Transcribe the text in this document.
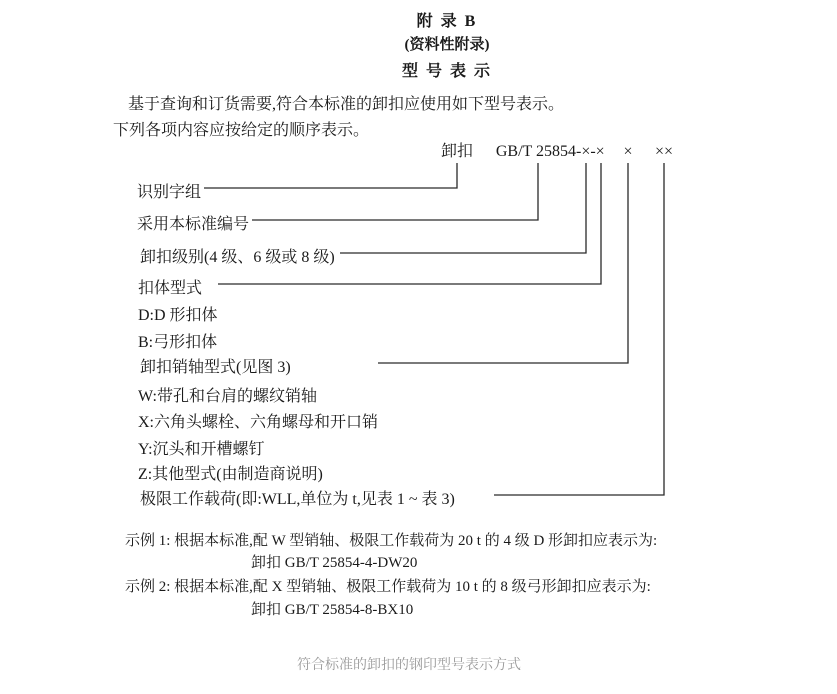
附 录 B
(资料性附录)
型 号 表 示
基于查询和订货需要,符合本标准的卸扣应使用如下型号表示。
下列各项内容应按给定的顺序表示。
卸扣 GB/T 25854 -×-× × ××
识别字组
采用本标准编号
卸扣级别(4 级、6 级或 8 级)
扣体型式
D:D 形扣体
B:弓形扣体
卸扣销轴型式(见图 3)
W:带孔和台肩的螺纹销轴
X:六角头螺栓、六角螺母和开口销
Y:沉头和开槽螺钉
Z:其他型式(由制造商说明)
极限工作载荷(即:WLL,单位为 t,见表 1 ~ 表 3)
示例 1: 根据本标准,配 W 型销轴、极限工作载荷为 20 t 的 4 级 D 形卸扣应表示为:
卸扣 GB/T 25854-4-DW20
示例 2: 根据本标准,配 X 型销轴、极限工作载荷为 10 t 的 8 级弓形卸扣应表示为:
卸扣 GB/T 25854-8-BX10
符合标准的卸扣的钢印型号表示方式
